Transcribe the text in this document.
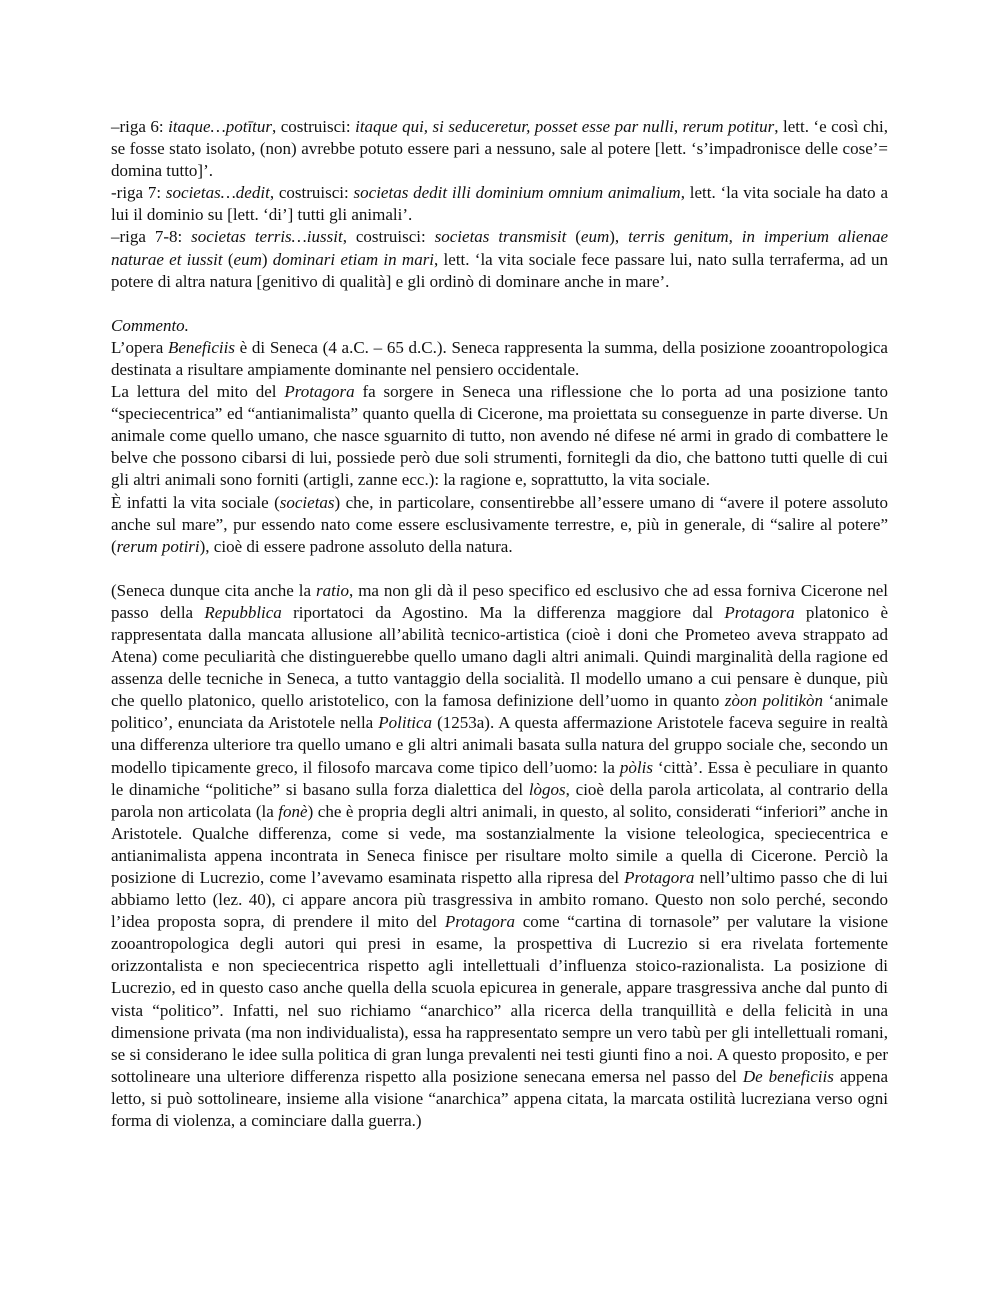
–riga 6: itaque…potītur, costruisci: itaque qui, si seduceretur, posset esse par nulli, rerum potitur, lett. ‘e così chi, se fosse stato isolato, (non) avrebbe potuto essere pari a nessuno, sale al potere [lett. ‘s’impadronisce delle cose’= domina tutto]’.

-riga 7: societas…dedit, costruisci: societas dedit illi dominium omnium animalium, lett. ‘la vita sociale ha dato a lui il dominio su [lett. ‘di’] tutti gli animali’.

–riga 7-8: societas terris…iussit, costruisci: societas transmisit (eum), terris genitum, in imperium alienae naturae et iussit (eum) dominari etiam in mari, lett. ‘la vita sociale fece passare lui, nato sulla terraferma, ad un potere di altra natura [genitivo di qualità] e gli ordinò di dominare anche in mare’.

Commento.

L’opera Beneficiis è di Seneca (4 a.C. – 65 d.C.). Seneca rappresenta la summa, della posizione zooantropologica destinata a risultare ampiamente dominante nel pensiero occidentale.

La lettura del mito del Protagora fa sorgere in Seneca una riflessione che lo porta ad una posizione tanto “speciecentrica” ed “antianimalista” quanto quella di Cicerone, ma proiettata su conseguenze in parte diverse. Un animale come quello umano, che nasce sguarnito di tutto, non avendo né difese né armi in grado di combattere le belve che possono cibarsi di lui, possiede però due soli strumenti, fornitegli da dio, che battono tutti quelle di cui gli altri animali sono forniti (artigli, zanne ecc.): la ragione e, soprattutto, la vita sociale.

È infatti la vita sociale (societas) che, in particolare, consentirebbe all’essere umano di “avere il potere assoluto anche sul mare”, pur essendo nato come essere esclusivamente terrestre, e, più in generale, di “salire al potere” (rerum potiri), cioè di essere padrone assoluto della natura.

(Seneca dunque cita anche la ratio, ma non gli dà il peso specifico ed esclusivo che ad essa forniva Cicerone nel passo della Repubblica riportatoci da Agostino. Ma la differenza maggiore dal Protagora platonico è rappresentata dalla mancata allusione all’abilità tecnico-artistica (cioè i doni che Prometeo aveva strappato ad Atena) come peculiarità che distinguerebbe quello umano dagli altri animali. Quindi marginalità della ragione ed assenza delle tecniche in Seneca, a tutto vantaggio della socialità. Il modello umano a cui pensare è dunque, più che quello platonico, quello aristotelico, con la famosa definizione dell’uomo in quanto zòon politikòn ‘animale politico’, enunciata da Aristotele nella Politica (1253a). A questa affermazione Aristotele faceva seguire in realtà una differenza ulteriore tra quello umano e gli altri animali basata sulla natura del gruppo sociale che, secondo un modello tipicamente greco, il filosofo marcava come tipico dell’uomo: la pòlis ‘città’. Essa è peculiare in quanto le dinamiche “politiche” si basano sulla forza dialettica del lògos, cioè della parola articolata, al contrario della parola non articolata (la fonè) che è propria degli altri animali, in questo, al solito, considerati “inferiori” anche in Aristotele. Qualche differenza, come si vede, ma sostanzialmente la visione teleologica, speciecentrica e antianimalista appena incontrata in Seneca finisce per risultare molto simile a quella di Cicerone. Perciò la posizione di Lucrezio, come l’avevamo esaminata rispetto alla ripresa del Protagora nell’ultimo passo che di lui abbiamo letto (lez. 40), ci appare ancora più trasgressiva in ambito romano. Questo non solo perché, secondo l’idea proposta sopra, di prendere il mito del Protagora come “cartina di tornasole” per valutare la visione zooantropologica degli autori qui presi in esame, la prospettiva di Lucrezio si era rivelata fortemente orizzontalista e non speciecentrica rispetto agli intellettuali d’influenza stoico-razionalista. La posizione di Lucrezio, ed in questo caso anche quella della scuola epicurea in generale, appare trasgressiva anche dal punto di vista “politico”. Infatti, nel suo richiamo “anarchico” alla ricerca della tranquillità e della felicità in una dimensione privata (ma non individualista), essa ha rappresentato sempre un vero tabù per gli intellettuali romani, se si considerano le idee sulla politica di gran lunga prevalenti nei testi giunti fino a noi. A questo proposito, e per sottolineare una ulteriore differenza rispetto alla posizione senecana emersa nel passo del De beneficiis appena letto, si può sottolineare, insieme alla visione “anarchica” appena citata, la marcata ostilità lucreziana verso ogni forma di violenza, a cominciare dalla guerra.)
